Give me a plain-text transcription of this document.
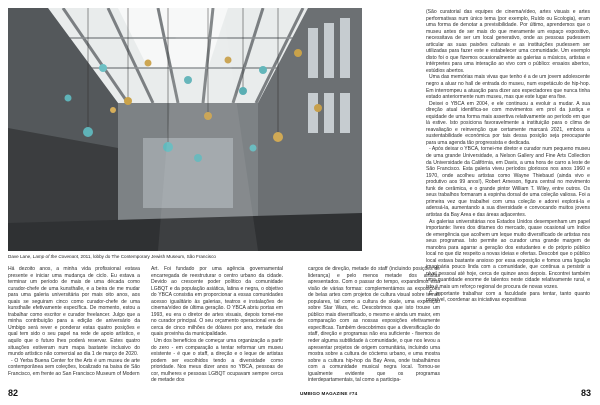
Dave Lane, Lamp of the Covenant, 2011, lobby do The Contemporary Jewish Museum, São Francisco

(São curatorial das equipes de cinema/vídeo, artes visuais e artes performativas num único tema (por exemplo, Ruído ou Ecologia), eram uma forma de denotar a previsibilidade. Por último, aprendemos que o museu antes de ser mais do que meramente um espaço expositivo, necessitava de ser um local generativo, onde as pessoas pudessem articular as suas paixões culturais e as instituições pudessem ser utilizadas para fazer este e estabelecer uma comunidade. Um exemplo disto foi o que fizemos ocasionalmente as galerias a músicos, artistas e intérpretes para uma interação ao vivo com o público: ensaios abertos, estúdios abertos.

Uma das memórias mais vivas que tenho é a de um jovem adolescente negro a aluar no hall de entrada do museu, num espetáculo de hip-hop. Em interrompeu a atuação para dizer aos espectadores que nunca tinha estado anteriormente num museu, mas que este lugar era fixe.

Deixei o YBCA em 2004, e ele continuou a evoluir a mudar. A sua direção atual identifica-se com movimentos em prol da justiça e equidade de uma forma mais assertiva relativamente ao período em que lá estive. Isto posiciona favoravelmente a instituição para o clima de reavaliação e reinvenção que certamente marcará 2021, embora a sustentabilidade económica por tais dessa posição seja preocupante para uma agenda tão progressista e dedicada.

- Após deixar o YBCA, tornei-me diretor e curador num pequeno museu de uma grande Universidade, a Nelson Gallery and Fine Arts Collection da Universidade da Califórnia, em Davis, a uma hora de carro a leste de São Francisco. Esta galeria viveu períodos gloriosos nos anos 1960 e 1970, onde acolheu artistas como Wayne Thiebaud (ainda vivo e produtivo aos 99 anos!), Robert Arneson, figura central no movimento funk de cerâmica, e o grande pintor William T. Wiley, entre outros. Os seus trabalhos formaram a espinha dorsal de uma coleção valiosa. Foi a primeira vez que trabalhei com uma coleção e adorei explorá-la e adensá-la, aumentando a sua diversidade e convocando muitos jovens artistas da Bay Area e das áreas adjacentes.

As galerias universitárias nos Estados Unidos desempenham um papel importante: livres dos ditames do mercado, quase ocasional um índice de emergência que acolhem um leque muito diversificado de artistas nos seus programas. Isto permite ao curador uma grande margem de manobra para agarrar a geração dos estudantes e do próprio público local no que diz respeito a novas ideias e ofertas. Descobri que o público local estava bastante ansioso por essa exposição e fomos uma ligação imaginária pouco linda com a comunidade, que continua a persistir a nível pessoal até hoje, cerca de quinze anos depois. Encontrei também uma quantidade enorme de talentos neste cidade relativamente rural, e isto é mais um reforço regional de procura de novas vozes.

É importante trabalhar com a faculdade para tentar, tanto quanto possível, coordenar as iniciativas expositivas

Há dezoito anos, a minha vida profissional estava presente e iniciar uma mudança de ciclo. Eu estava a terminar um período de mais de uma década como curador-chefe de uma kunsthalle, e a beira de me mudar para uma galeria universitária por mais oito anos, aos quais se seguiram cinco como curador-chefe de uma kunsthalle efetivamente específica. De momento, estou a trabalhar como escritor e curador freelancer. Julgo que a minha contribuição para a edição de aniversário da Umbigo será rever e ponderar estas quatro posições e qual tem sido o seu papel na rede de apoio artístico, e aquilo que o futuro lhes poderá reservar. Estes quatro situações estiveram num mapa bastante inclusivo do mundo artístico não comercial ao dia 1 de março de 2020.

- O Yerba Buena Center for the Arts é um museu de arte contemporânea sem coleções, localizado na baixa de São Francisco, em frente ao San Francisco Museum of Modern

Art. Foi fundado por uma agência governamental encarregada de reestruturar o centro urbano da cidade. Devido ao crescente poder político da comunidade LGBQT e da população asiática, latina e negra, o objetivo do YBCA consistia em proporcionar a essas comunidades acesso igualitário às galerias, teatros e instalações de cinema/vídeo de última geração. O YBCA abriu portas em 1993, eu era o diretor de artes visuais, depois tornei-me no curador principal. O seu orçamento operacional era de cerca de cinco milhões de dólares por ano, metade dos quais provinha da municipalidade.

Um dos benefícios de começar uma organização a partir do zero - em comparação a tentar reformar um museu existente - é que o staff, a direção e o leque de artistas podem ser escolhidos tendo a diversidade como prioridade. Nos meus dizer anos no YBCA, pessoas de cor, mulheres e pessoas LGBQT ocupavam sempre cerca de metade dos

cargos de direção, metade do staff (incluindo posições de liderança) e pelo menos metade dos artistas apresentados. Com o passar do tempo, expandimos esta visão de várias formas: complementámos as exposições de belas artes com projetos de cultura visual sobre temas populares, tal como a cultura de skate, uma exposição sobre Star Wars, etc. Descobrimos que isto trouxe um público mais diversificado, o mesmo e ainda um maior, em comparação com as nossas exposições efetivamente específicas. Também descobrimos que a diversificação do staff, direção e programas não era suficiente - fixemos de reder alguma subtilidade à comunidade, o que nos levou a apresentar projetos de origem comunitária, incluindo uma mostra sobre a cultura de cóctems urbano, e uma mostra sobre a cultura hip-hop da Bay Area, onde trabalhámos com a comunidade musical negra local. Tornou-se igualmente evidente que os programas interdepartamentais, tal como a participa-

82	UMBIGO MAGAZINE #74	83
